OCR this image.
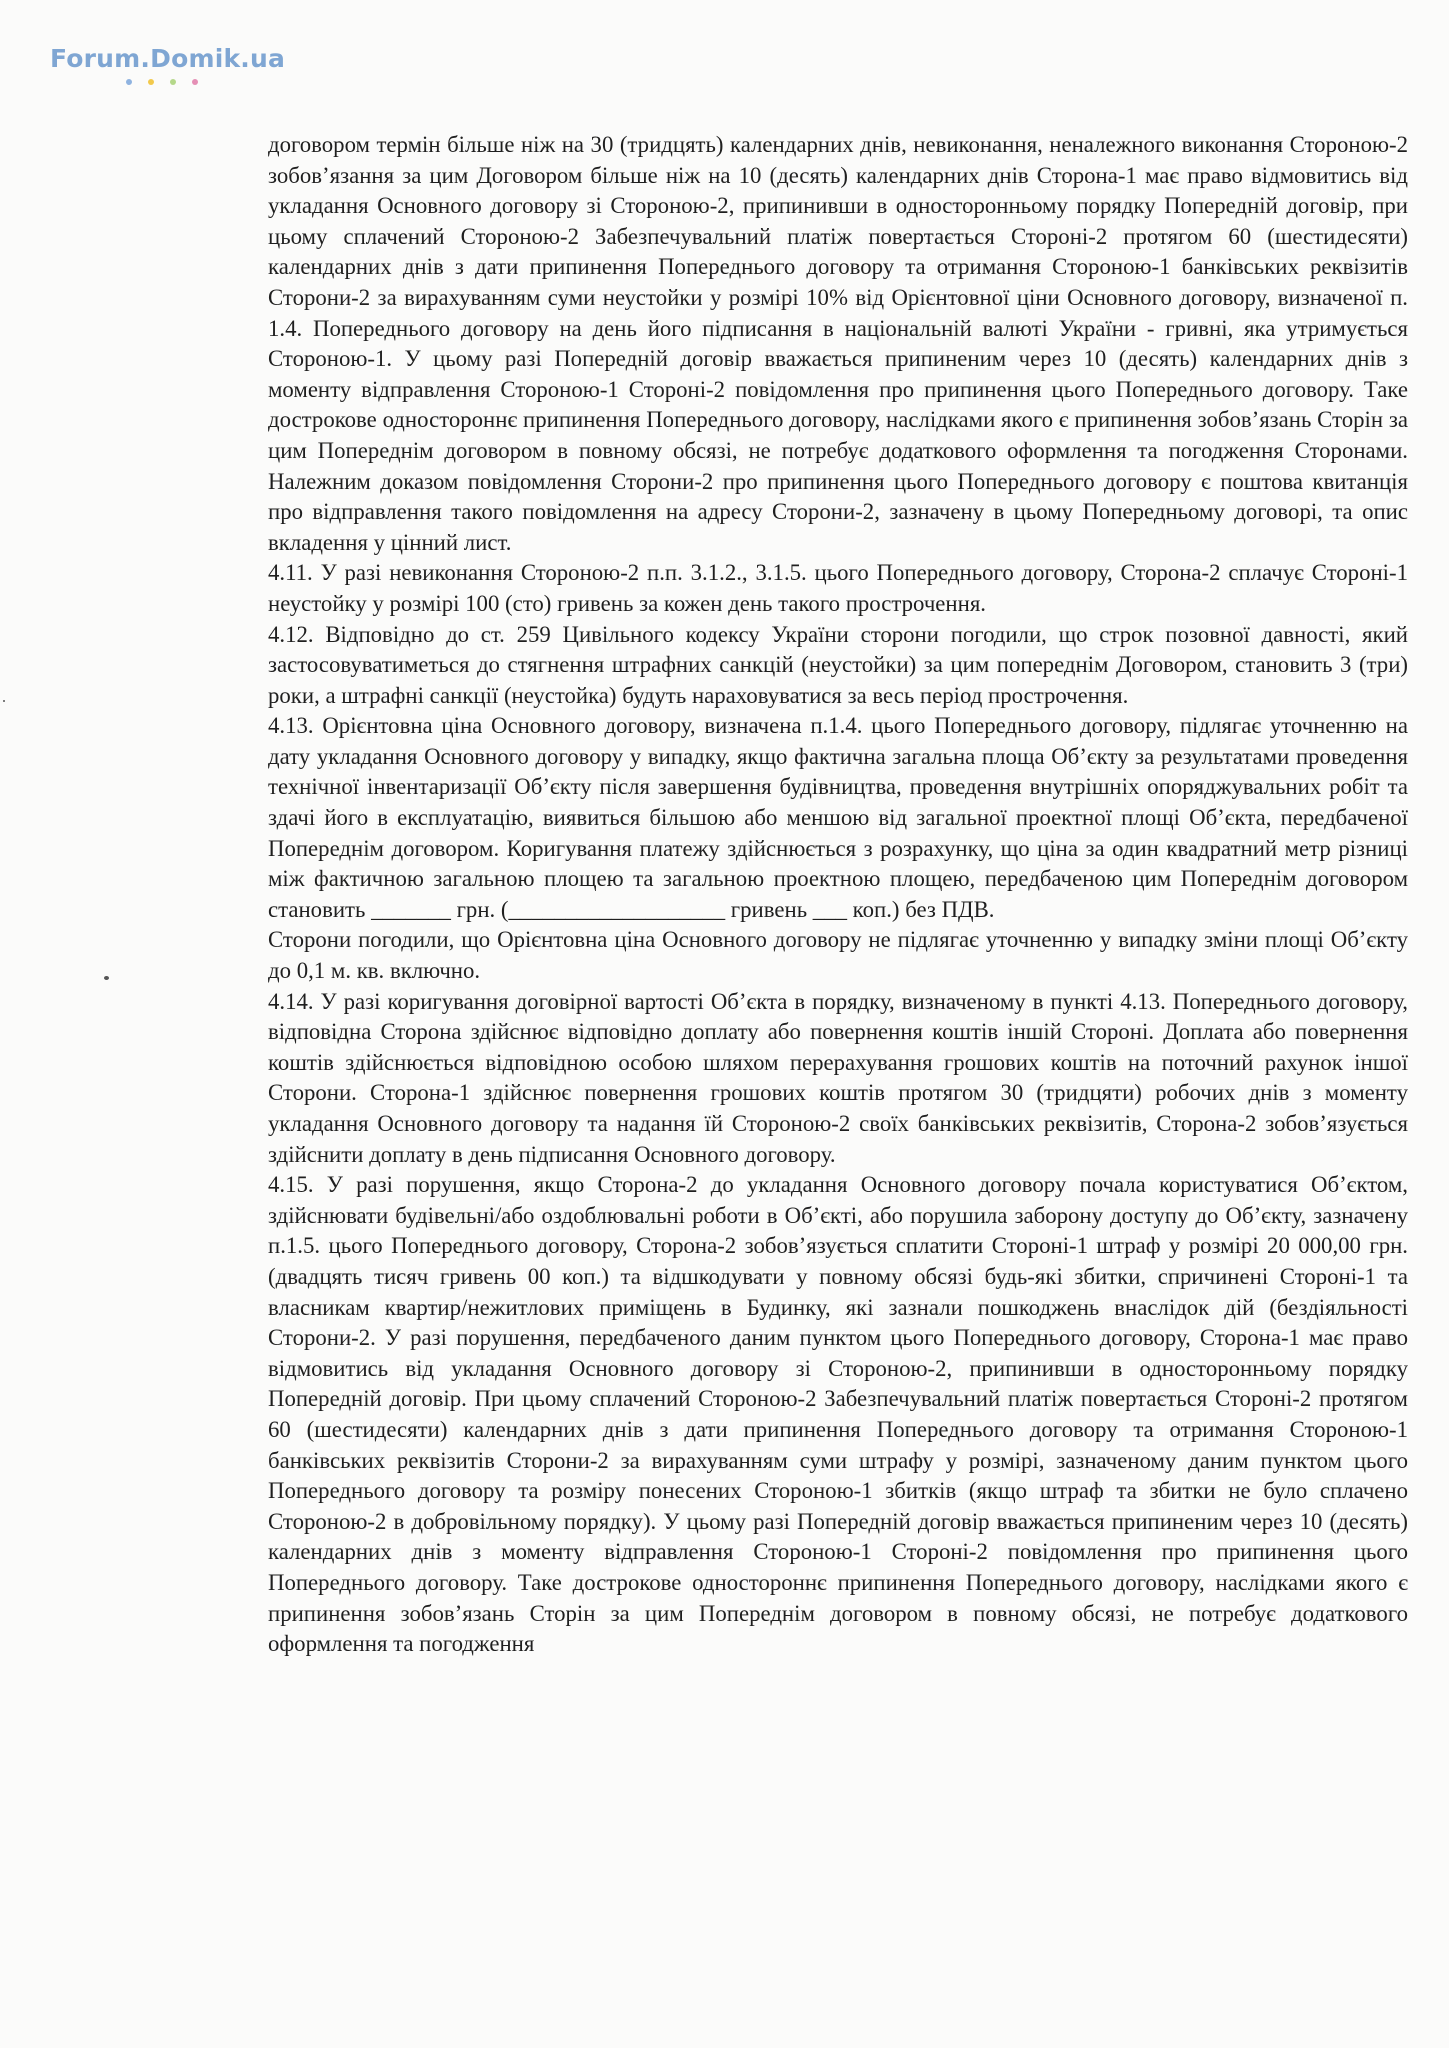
Forum.Domik.ua

договором термін більше ніж на 30 (тридцять) календарних днів, невиконання, неналежного виконання Стороною-2 зобов’язання за цим Договором більше ніж на 10 (десять) календарних днів Сторона-1 має право відмовитись від укладання Основного договору зі Стороною-2, припинивши в односторонньому порядку Попередній договір, при цьому сплачений Стороною-2 Забезпечувальний платіж повертається Стороні-2 протягом 60 (шестидесяти) календарних днів з дати припинення Попереднього договору та отримання Стороною-1 банківських реквізитів Сторони-2 за вирахуванням суми неустойки у розмірі 10% від Орієнтовної ціни Основного договору, визначеної п. 1.4. Попереднього договору на день його підписання в національній валюті України - гривні, яка утримується Стороною-1. У цьому разі Попередній договір вважається припиненим через 10 (десять) календарних днів з моменту відправлення Стороною-1 Стороні-2 повідомлення про припинення цього Попереднього договору. Таке дострокове одностороннє припинення Попереднього договору, наслідками якого є припинення зобов’язань Сторін за цим Попереднім договором в повному обсязі, не потребує додаткового оформлення та погодження Сторонами. Належним доказом повідомлення Сторони-2 про припинення цього Попереднього договору є поштова квитанція про відправлення такого повідомлення на адресу Сторони-2, зазначену в цьому Попередньому договорі, та опис вкладення у цінний лист.

4.11. У разі невиконання Стороною-2 п.п. 3.1.2., 3.1.5. цього Попереднього договору, Сторона-2 сплачує Стороні-1 неустойку у розмірі 100 (сто) гривень за кожен день такого прострочення.

4.12. Відповідно до ст. 259 Цивільного кодексу України сторони погодили, що строк позовної давності, який застосовуватиметься до стягнення штрафних санкцій (неустойки) за цим попереднім Договором, становить 3 (три) роки, а штрафні санкції (неустойка) будуть нараховуватися за весь період прострочення.

4.13. Орієнтовна ціна Основного договору, визначена п.1.4. цього Попереднього договору, підлягає уточненню на дату укладання Основного договору у випадку, якщо фактична загальна площа Об’єкту за результатами проведення технічної інвентаризації Об’єкту після завершення будівництва, проведення внутрішніх опоряджувальних робіт та здачі його в експлуатацію, виявиться більшою або меншою від загальної проектної площі Об’єкта, передбаченої Попереднім договором. Коригування платежу здійснюється з розрахунку, що ціна за один квадратний метр різниці між фактичною загальною площею та загальною проектною площею, передбаченою цим Попереднім договором становить _______ грн. (___________________ гривень ___ коп.) без ПДВ.

Сторони погодили, що Орієнтовна ціна Основного договору не підлягає уточненню у випадку зміни площі Об’єкту до 0,1 м. кв. включно.

4.14. У разі коригування договірної вартості Об’єкта в порядку, визначеному в пункті 4.13. Попереднього договору, відповідна Сторона здійснює відповідно доплату або повернення коштів іншій Стороні. Доплата або повернення коштів здійснюється відповідною особою шляхом перерахування грошових коштів на поточний рахунок іншої Сторони. Сторона-1 здійснює повернення грошових коштів протягом 30 (тридцяти) робочих днів з моменту укладання Основного договору та надання їй Стороною-2 своїх банківських реквізитів, Сторона-2 зобов’язується здійснити доплату в день підписання Основного договору.

4.15. У разі порушення, якщо Сторона-2 до укладання Основного договору почала користуватися Об’єктом, здійснювати будівельні/або оздоблювальні роботи в Об’єкті, або порушила заборону доступу до Об’єкту, зазначену п.1.5. цього Попереднього договору, Сторона-2 зобов’язується сплатити Стороні-1 штраф у розмірі 20 000,00 грн. (двадцять тисяч гривень 00 коп.) та відшкодувати у повному обсязі будь-які збитки, спричинені Стороні-1 та власникам квартир/нежитлових приміщень в Будинку, які зазнали пошкоджень внаслідок дій (бездіяльності Сторони-2. У разі порушення, передбаченого даним пунктом цього Попереднього договору, Сторона-1 має право відмовитись від укладання Основного договору зі Стороною-2, припинивши в односторонньому порядку Попередній договір. При цьому сплачений Стороною-2 Забезпечувальний платіж повертається Стороні-2 протягом 60 (шестидесяти) календарних днів з дати припинення Попереднього договору та отримання Стороною-1 банківських реквізитів Сторони-2 за вирахуванням суми штрафу у розмірі, зазначеному даним пунктом цього Попереднього договору та розміру понесених Стороною-1 збитків (якщо штраф та збитки не було сплачено Стороною-2 в добровільному порядку). У цьому разі Попередній договір вважається припиненим через 10 (десять) календарних днів з моменту відправлення Стороною-1 Стороні-2 повідомлення про припинення цього Попереднього договору. Таке дострокове одностороннє припинення Попереднього договору, наслідками якого є припинення зобов’язань Сторін за цим Попереднім договором в повному обсязі, не потребує додаткового оформлення та погодження
